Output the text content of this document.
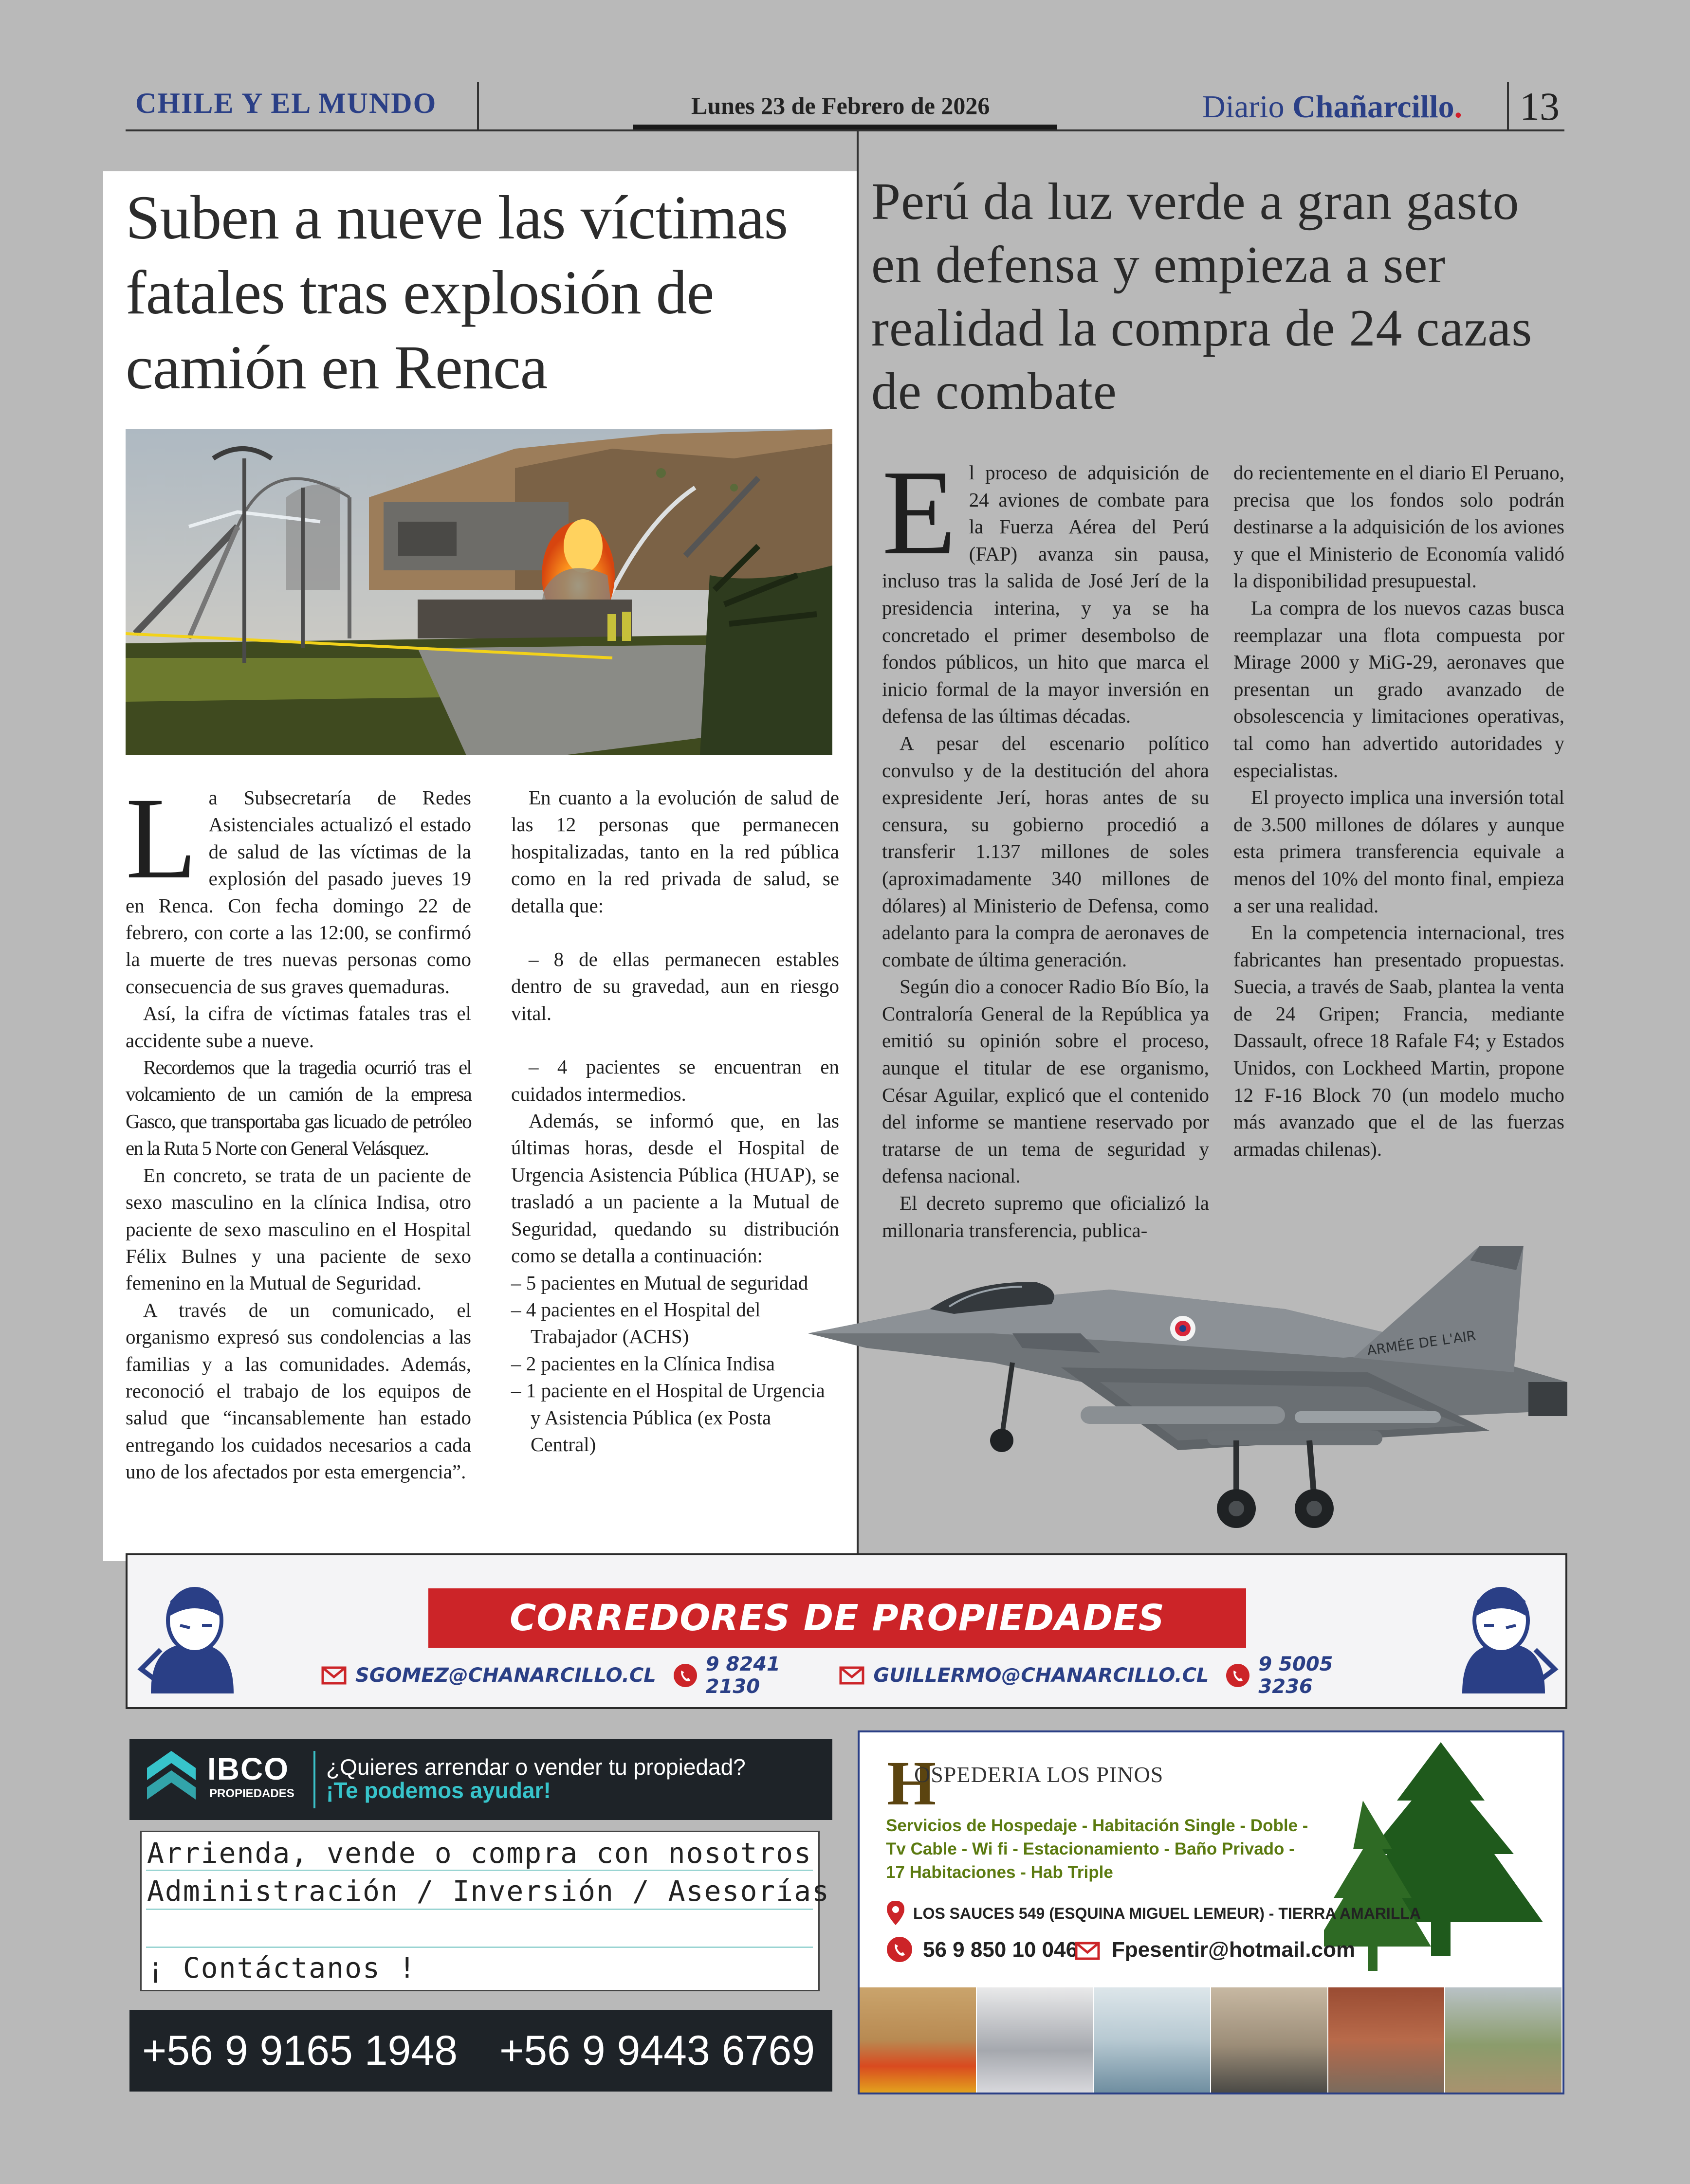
CHILE Y EL MUNDO	Lunes 23 de Febrero de 2026	Diario Chañarcillo. 13
Suben a nueve las víctimas fatales tras explosión de camión en Renca

La Subsecretaría de Redes Asistenciales actualizó el estado de salud de las víctimas de la explosión del pasado jueves 19 en Renca. Con fecha domingo 22 de febrero, con corte a las 12:00, se confirmó la muerte de tres nuevas personas como consecuencia de sus graves quemaduras.

Así, la cifra de víctimas fatales tras el accidente sube a nueve.

Recordemos que la tragedia ocurrió tras el volcamiento de un camión de la empresa Gasco, que transportaba gas licuado de petróleo en la Ruta 5 Norte con General Velásquez.

En concreto, se trata de un paciente de sexo masculino en la clínica Indisa, otro paciente de sexo masculino en el Hospital Félix Bulnes y una paciente de sexo femenino en la Mutual de Seguridad.

A través de un comunicado, el organismo expresó sus condolencias a las familias y a las comunidades. Además, reconoció el trabajo de los equipos de salud que “incansablemente han estado entregando los cuidados necesarios a cada uno de los afectados por esta emergencia”.

En cuanto a la evolución de salud de las 12 personas que permanecen hospitalizadas, tanto en la red pública como en la red privada de salud, se detalla que:

– 8 de ellas permanecen estables dentro de su gravedad, aun en riesgo vital.

– 4 pacientes se encuentran en cuidados intermedios.

Además, se informó que, en las últimas horas, desde el Hospital de Urgencia Asistencia Pública (HUAP), se trasladó a un paciente a la Mutual de Seguridad, quedando su distribución como se detalla a continuación:

– 5 pacientes en Mutual de seguridad

– 4 pacientes en el Hospital del Trabajador (ACHS)

– 2 pacientes en la Clínica Indisa

– 1 paciente en el Hospital de Urgencia y Asistencia Pública (ex Posta Central)

Perú da luz verde a gran gasto en defensa y empieza a ser realidad la compra de 24 cazas de combate

El proceso de adquisición de 24 aviones de combate para la Fuerza Aérea del Perú (FAP) avanza sin pausa, incluso tras la salida de José Jerí de la presidencia interina, y ya se ha concretado el primer desembolso de fondos públicos, un hito que marca el inicio formal de la mayor inversión en defensa de las últimas décadas.

A pesar del escenario político convulso y de la destitución del ahora expresidente Jerí, horas antes de su censura, su gobierno procedió a transferir 1.137 millones de soles (aproximadamente 340 millones de dólares) al Ministerio de Defensa, como adelanto para la compra de aeronaves de combate de última generación.

Según dio a conocer Radio Bío Bío, la Contraloría General de la República ya emitió su opinión sobre el proceso, aunque el titular de ese organismo, César Aguilar, explicó que el contenido del informe se mantiene reservado por tratarse de un tema de seguridad y defensa nacional.

El decreto supremo que oficializó la millonaria transferencia, publica-

do recientemente en el diario El Peruano, precisa que los fondos solo podrán destinarse a la adquisición de los aviones y que el Ministerio de Economía validó la disponibilidad presupuestal.

La compra de los nuevos cazas busca reemplazar una flota compuesta por Mirage 2000 y MiG-29, aeronaves que presentan un grado avanzado de obsolescencia y limitaciones operativas, tal como han advertido autoridades y especialistas.

El proyecto implica una inversión total de 3.500 millones de dólares y aunque esta primera transferencia equivale a menos del 10% del monto final, empieza a ser una realidad.

En la competencia internacional, tres fabricantes han presentado propuestas. Suecia, a través de Saab, plantea la venta de 24 Gripen; Francia, mediante Dassault, ofrece 18 Rafale F4; y Estados Unidos, con Lockheed Martin, propone 12 F-16 Block 70 (un modelo mucho más avanzado que el de las fuerzas armadas chilenas).

ARMÉE DE L'AIR
CORREDORES DE PROPIEDADES
SGOMEZ@CHANARCILLO.CL	9 8241 2130	GUILLERMO@CHANARCILLO.CL	9 5005 3236
IBCO
PROPIEDADES
¿Quieres arrendar o vender tu propiedad?
¡Te podemos ayudar!
Arrienda, vende o compra con nosotros
Administración / Inversión / Asesorías
¡ Contáctanos !
+56 9 9165 1948 +56 9 9443 6769
H
OSPEDERIA LOS PINOS
Servicios de Hospedaje - Habitación Single - Doble -
Tv Cable - Wi fi - Estacionamiento - Baño Privado -
17 Habitaciones - Hab Triple
LOS SAUCES 549 (ESQUINA MIGUEL LEMEUR) - TIERRA AMARILLA
56 9 850 10 046 Fpesentir@hotmail.com
